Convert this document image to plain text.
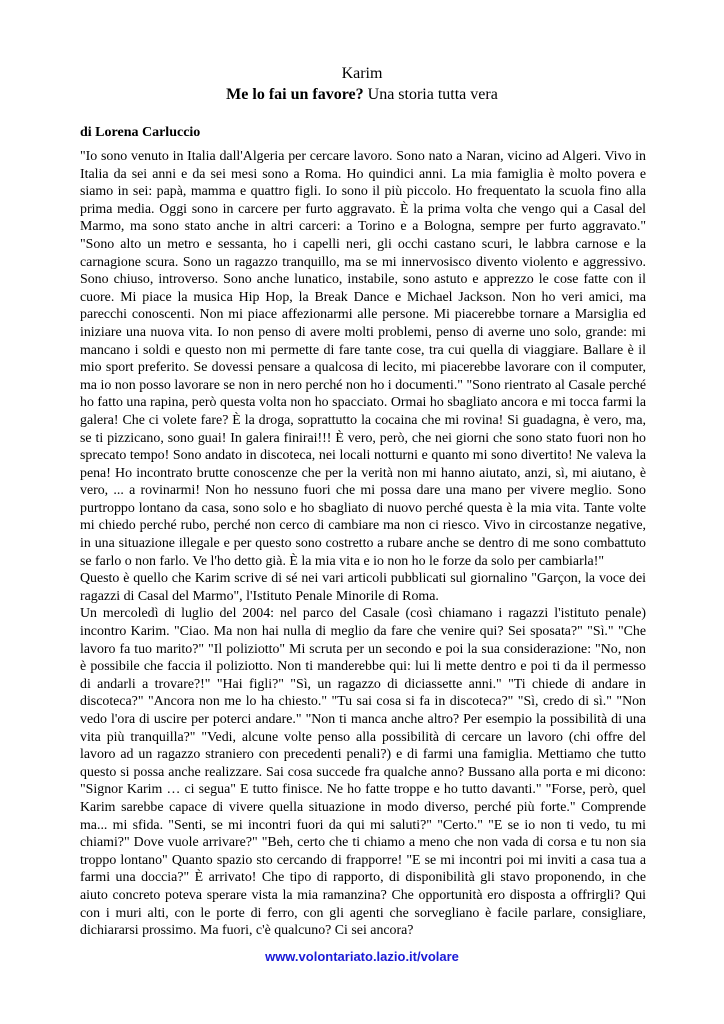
Karim
Me lo fai un favore? Una storia tutta vera
di Lorena Carluccio

"Io sono venuto in Italia dall'Algeria per cercare lavoro. Sono nato a Naran, vicino ad Algeri. Vivo in Italia da sei anni e da sei mesi sono a Roma. Ho quindici anni. La mia famiglia è molto povera e siamo in sei: papà, mamma e quattro figli. Io sono il più piccolo. Ho frequentato la scuola fino alla prima media. Oggi sono in carcere per furto aggravato. È la prima volta che vengo qui a Casal del Marmo, ma sono stato anche in altri carceri: a Torino e a Bologna, sempre per furto aggravato." "Sono alto un metro e sessanta, ho i capelli neri, gli occhi castano scuri, le labbra carnose e la carnagione scura. Sono un ragazzo tranquillo, ma se mi innervosisco divento violento e aggressivo. Sono chiuso, introverso. Sono anche lunatico, instabile, sono astuto e apprezzo le cose fatte con il cuore. Mi piace la musica Hip Hop, la Break Dance e Michael Jackson. Non ho veri amici, ma parecchi conoscenti. Non mi piace affezionarmi alle persone. Mi piacerebbe tornare a Marsiglia ed iniziare una nuova vita. Io non penso di avere molti problemi, penso di averne uno solo, grande: mi mancano i soldi e questo non mi permette di fare tante cose, tra cui quella di viaggiare. Ballare è il mio sport preferito. Se dovessi pensare a qualcosa di lecito, mi piacerebbe lavorare con il computer, ma io non posso lavorare se non in nero perché non ho i documenti." "Sono rientrato al Casale perché ho fatto una rapina, però questa volta non ho spacciato. Ormai ho sbagliato ancora e mi tocca farmi la galera! Che ci volete fare? È la droga, soprattutto la cocaina che mi rovina! Si guadagna, è vero, ma, se ti pizzicano, sono guai! In galera finirai!!! È vero, però, che nei giorni che sono stato fuori non ho sprecato tempo! Sono andato in discoteca, nei locali notturni e quanto mi sono divertito! Ne valeva la pena! Ho incontrato brutte conoscenze che per la verità non mi hanno aiutato, anzi, sì, mi aiutano, è vero, ... a rovinarmi! Non ho nessuno fuori che mi possa dare una mano per vivere meglio. Sono purtroppo lontano da casa, sono solo e ho sbagliato di nuovo perché questa è la mia vita. Tante volte mi chiedo perché rubo, perché non cerco di cambiare ma non ci riesco. Vivo in circostanze negative, in una situazione illegale e per questo sono costretto a rubare anche se dentro di me sono combattuto se farlo o non farlo. Ve l'ho detto già. È la mia vita e io non ho le forze da solo per cambiarla!"

Questo è quello che Karim scrive di sé nei vari articoli pubblicati sul giornalino "Garçon, la voce dei ragazzi di Casal del Marmo", l'Istituto Penale Minorile di Roma.

Un mercoledì di luglio del 2004: nel parco del Casale (così chiamano i ragazzi l'istituto penale) incontro Karim. "Ciao. Ma non hai nulla di meglio da fare che venire qui? Sei sposata?" "Sì." "Che lavoro fa tuo marito?" "Il poliziotto" Mi scruta per un secondo e poi la sua considerazione: "No, non è possibile che faccia il poliziotto. Non ti manderebbe qui: lui li mette dentro e poi ti da il permesso di andarli a trovare?!" "Hai figli?" "Sì, un ragazzo di diciassette anni." "Ti chiede di andare in discoteca?" "Ancora non me lo ha chiesto." "Tu sai cosa si fa in discoteca?" "Sì, credo di sì." "Non vedo l'ora di uscire per poterci andare." "Non ti manca anche altro? Per esempio la possibilità di una vita più tranquilla?" "Vedi, alcune volte penso alla possibilità di cercare un lavoro (chi offre del lavoro ad un ragazzo straniero con precedenti penali?) e di farmi una famiglia. Mettiamo che tutto questo si possa anche realizzare. Sai cosa succede fra qualche anno? Bussano alla porta e mi dicono: "Signor Karim … ci segua" E tutto finisce. Ne ho fatte troppe e ho tutto davanti." "Forse, però, quel Karim sarebbe capace di vivere quella situazione in modo diverso, perché più forte." Comprende ma... mi sfida. "Senti, se mi incontri fuori da qui mi saluti?" "Certo." "E se io non ti vedo, tu mi chiami?" Dove vuole arrivare?" "Beh, certo che ti chiamo a meno che non vada di corsa e tu non sia troppo lontano" Quanto spazio sto cercando di frapporre! "E se mi incontri poi mi inviti a casa tua a farmi una doccia?" È arrivato! Che tipo di rapporto, di disponibilità gli stavo proponendo, in che aiuto concreto poteva sperare vista la mia ramanzina? Che opportunità ero disposta a offrirgli? Qui con i muri alti, con le porte di ferro, con gli agenti che sorvegliano è facile parlare, consigliare, dichiararsi prossimo. Ma fuori, c'è qualcuno? Ci sei ancora?

www.volontariato.lazio.it/volare
